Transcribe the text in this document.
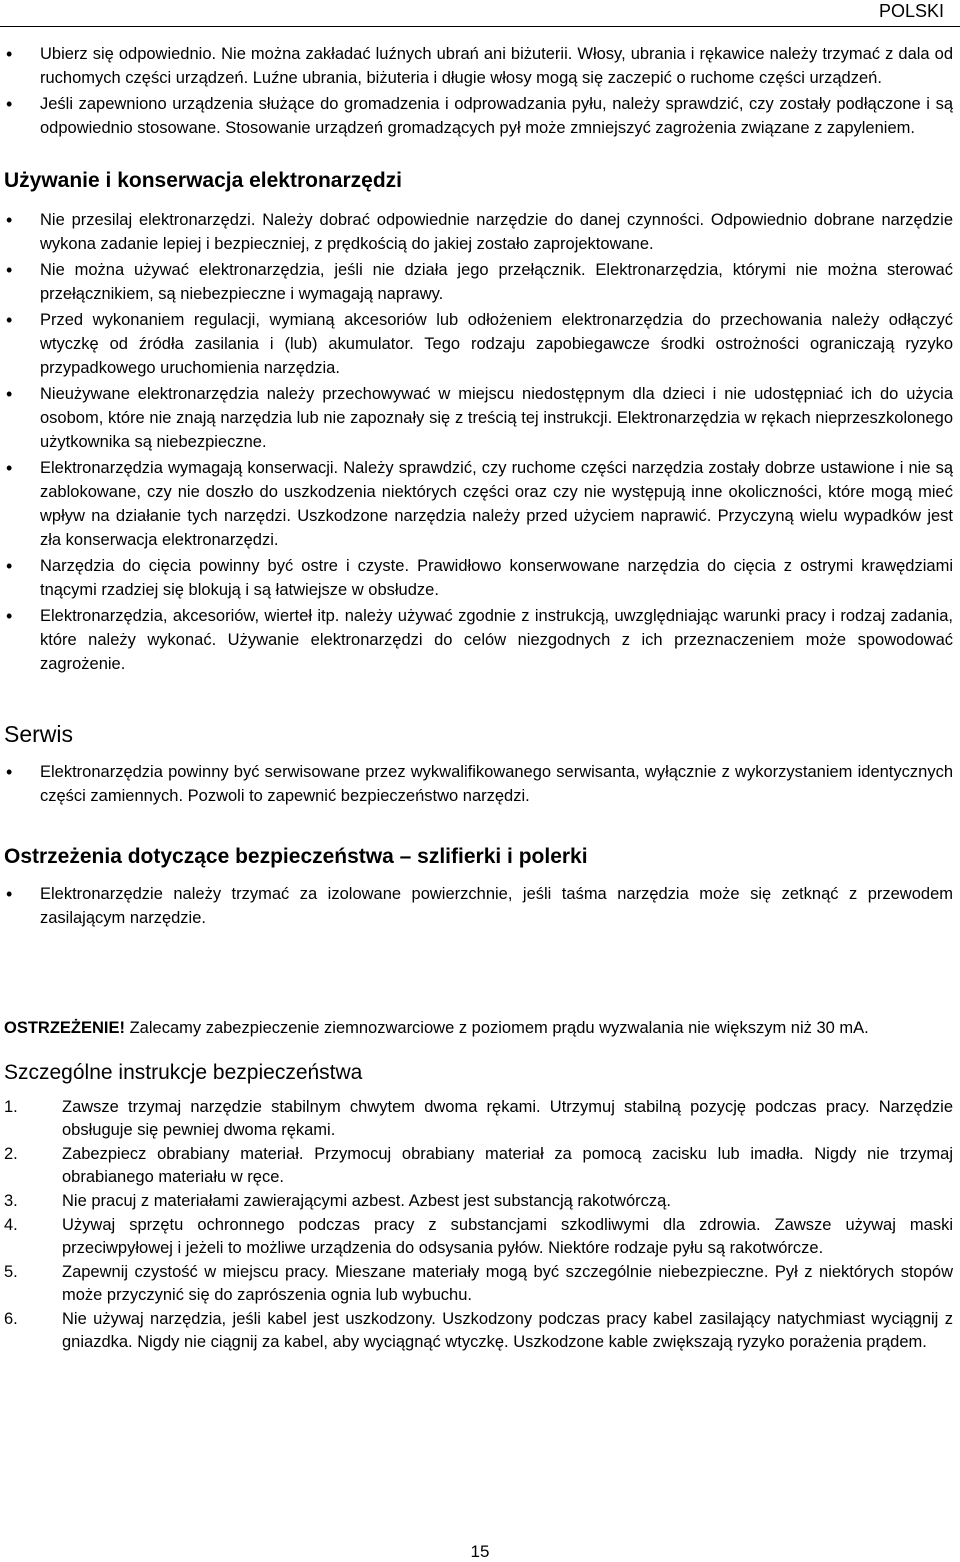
POLSKI
• Ubierz się odpowiednio. Nie można zakładać luźnych ubrań ani biżuterii. Włosy, ubrania i rękawice należy trzymać z dala od ruchomych części urządzeń. Luźne ubrania, biżuteria i długie włosy mogą się zaczepić o ruchome części urządzeń.
• Jeśli zapewniono urządzenia służące do gromadzenia i odprowadzania pyłu, należy sprawdzić, czy zostały podłączone i są odpowiednio stosowane. Stosowanie urządzeń gromadzących pył może zmniejszyć zagrożenia związane z zapyleniem.
Używanie i konserwacja elektronarzędzi
• Nie przesilaj elektronarzędzi. Należy dobrać odpowiednie narzędzie do danej czynności. Odpowiednio dobrane narzędzie wykona zadanie lepiej i bezpieczniej, z prędkością do jakiej zostało zaprojektowane.
• Nie można używać elektronarzędzia, jeśli nie działa jego przełącznik. Elektronarzędzia, którymi nie można sterować przełącznikiem, są niebezpieczne i wymagają naprawy.
• Przed wykonaniem regulacji, wymianą akcesoriów lub odłożeniem elektronarzędzia do przechowania należy odłączyć wtyczkę od źródła zasilania i (lub) akumulator. Tego rodzaju zapobiegawcze środki ostrożności ograniczają ryzyko przypadkowego uruchomienia narzędzia.
• Nieużywane elektronarzędzia należy przechowywać w miejscu niedostępnym dla dzieci i nie udostępniać ich do użycia osobom, które nie znają narzędzia lub nie zapoznały się z treścią tej instrukcji. Elektronarzędzia w rękach nieprzeszkolonego użytkownika są niebezpieczne.
• Elektronarzędzia wymagają konserwacji. Należy sprawdzić, czy ruchome części narzędzia zostały dobrze ustawione i nie są zablokowane, czy nie doszło do uszkodzenia niektórych części oraz czy nie występują inne okoliczności, które mogą mieć wpływ na działanie tych narzędzi. Uszkodzone narzędzia należy przed użyciem naprawić. Przyczyną wielu wypadków jest zła konserwacja elektronarzędzi.
• Narzędzia do cięcia powinny być ostre i czyste. Prawidłowo konserwowane narzędzia do cięcia z ostrymi krawędziami tnącymi rzadziej się blokują i są łatwiejsze w obsłudze.
• Elektronarzędzia, akcesoriów, wierteł itp. należy używać zgodnie z instrukcją, uwzględniając warunki pracy i rodzaj zadania, które należy wykonać. Używanie elektronarzędzi do celów niezgodnych z ich przeznaczeniem może spowodować zagrożenie.
Serwis
• Elektronarzędzia powinny być serwisowane przez wykwalifikowanego serwisanta, wyłącznie z wykorzystaniem identycznych części zamiennych. Pozwoli to zapewnić bezpieczeństwo narzędzi.
Ostrzeżenia dotyczące bezpieczeństwa – szlifierki i polerki
• Elektronarzędzie należy trzymać za izolowane powierzchnie, jeśli taśma narzędzia może się zetknąć z przewodem zasilającym narzędzie.

OSTRZEŻENIE! Zalecamy zabezpieczenie ziemnozwarciowe z poziomem prądu wyzwalania nie większym niż 30 mA.

Szczególne instrukcje bezpieczeństwa
1.	Zawsze trzymaj narzędzie stabilnym chwytem dwoma rękami. Utrzymuj stabilną pozycję podczas pracy. Narzędzie obsługuje się pewniej dwoma rękami.
2.	Zabezpiecz obrabiany materiał. Przymocuj obrabiany materiał za pomocą zacisku lub imadła. Nigdy nie trzymaj obrabianego materiału w ręce.
3.	Nie pracuj z materiałami zawierającymi azbest. Azbest jest substancją rakotwórczą.
4.	Używaj sprzętu ochronnego podczas pracy z substancjami szkodliwymi dla zdrowia. Zawsze używaj maski przeciwpyłowej i jeżeli to możliwe urządzenia do odsysania pyłów. Niektóre rodzaje pyłu są rakotwórcze.
5.	Zapewnij czystość w miejscu pracy. Mieszane materiały mogą być szczególnie niebezpieczne. Pył z niektórych stopów może przyczynić się do zaprószenia ognia lub wybuchu.
6.	Nie używaj narzędzia, jeśli kabel jest uszkodzony. Uszkodzony podczas pracy kabel zasilający natychmiast wyciągnij z gniazdka. Nigdy nie ciągnij za kabel, aby wyciągnąć wtyczkę. Uszkodzone kable zwiększają ryzyko porażenia prądem.
15
